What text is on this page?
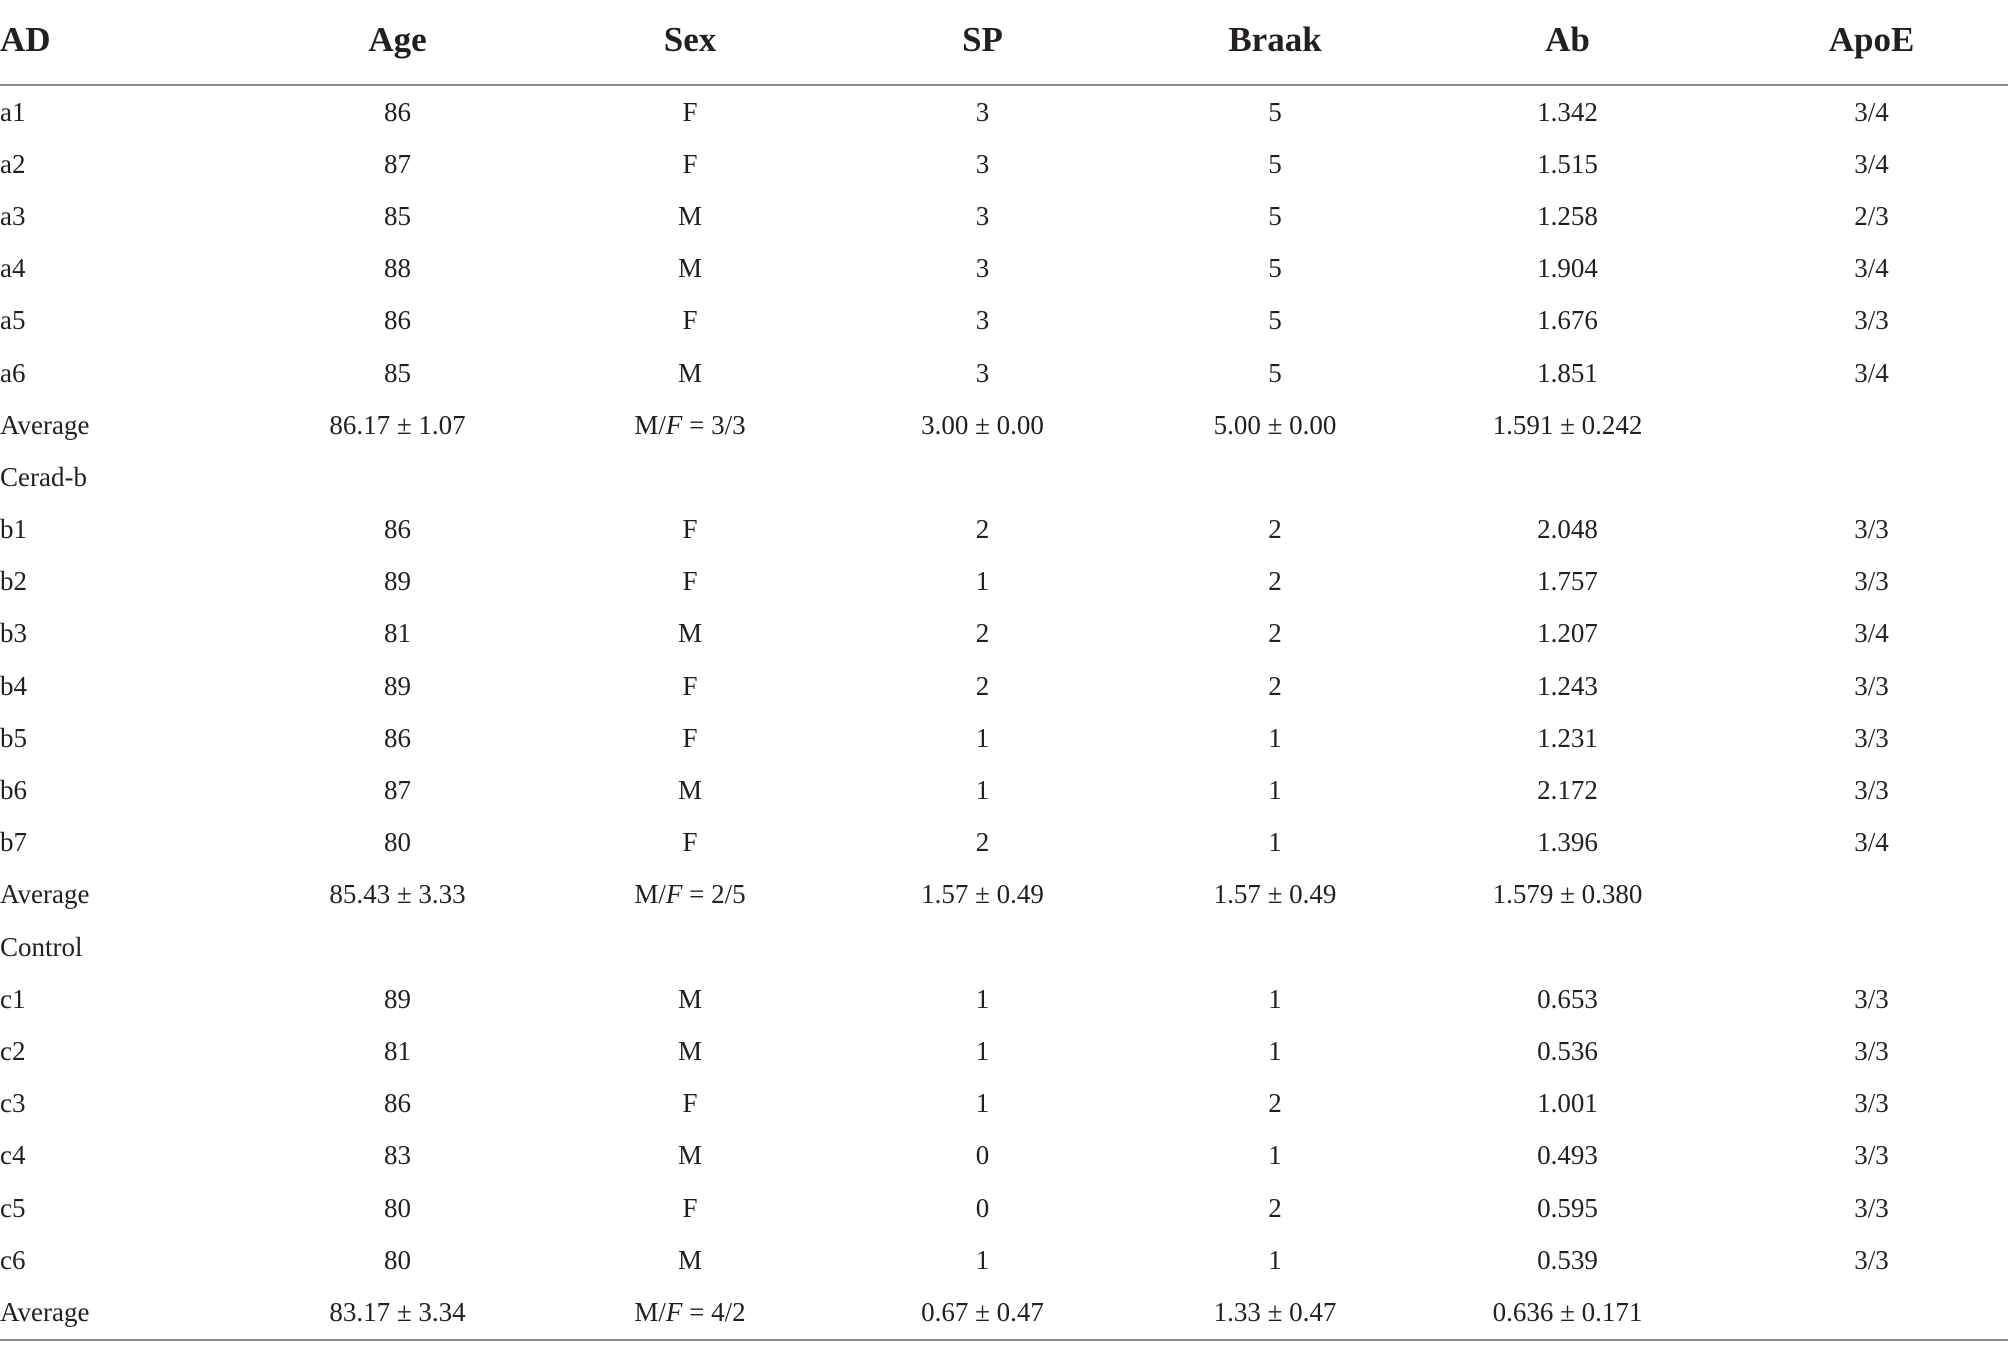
AD	Age	Sex	SP	Braak	Ab	ApoE
a1	86	F	3	5	1.342	3/4
a2	87	F	3	5	1.515	3/4
a3	85	M	3	5	1.258	2/3
a4	88	M	3	5	1.904	3/4
a5	86	F	3	5	1.676	3/3
a6	85	M	3	5	1.851	3/4
Average	86.17 ± 1.07	M/F = 3/3	3.00 ± 0.00	5.00 ± 0.00	1.591 ± 0.242	
Cerad-b						
b1	86	F	2	2	2.048	3/3
b2	89	F	1	2	1.757	3/3
b3	81	M	2	2	1.207	3/4
b4	89	F	2	2	1.243	3/3
b5	86	F	1	1	1.231	3/3
b6	87	M	1	1	2.172	3/3
b7	80	F	2	1	1.396	3/4
Average	85.43 ± 3.33	M/F = 2/5	1.57 ± 0.49	1.57 ± 0.49	1.579 ± 0.380	
Control						
c1	89	M	1	1	0.653	3/3
c2	81	M	1	1	0.536	3/3
c3	86	F	1	2	1.001	3/3
c4	83	M	0	1	0.493	3/3
c5	80	F	0	2	0.595	3/3
c6	80	M	1	1	0.539	3/3
Average	83.17 ± 3.34	M/F = 4/2	0.67 ± 0.47	1.33 ± 0.47	0.636 ± 0.171	
